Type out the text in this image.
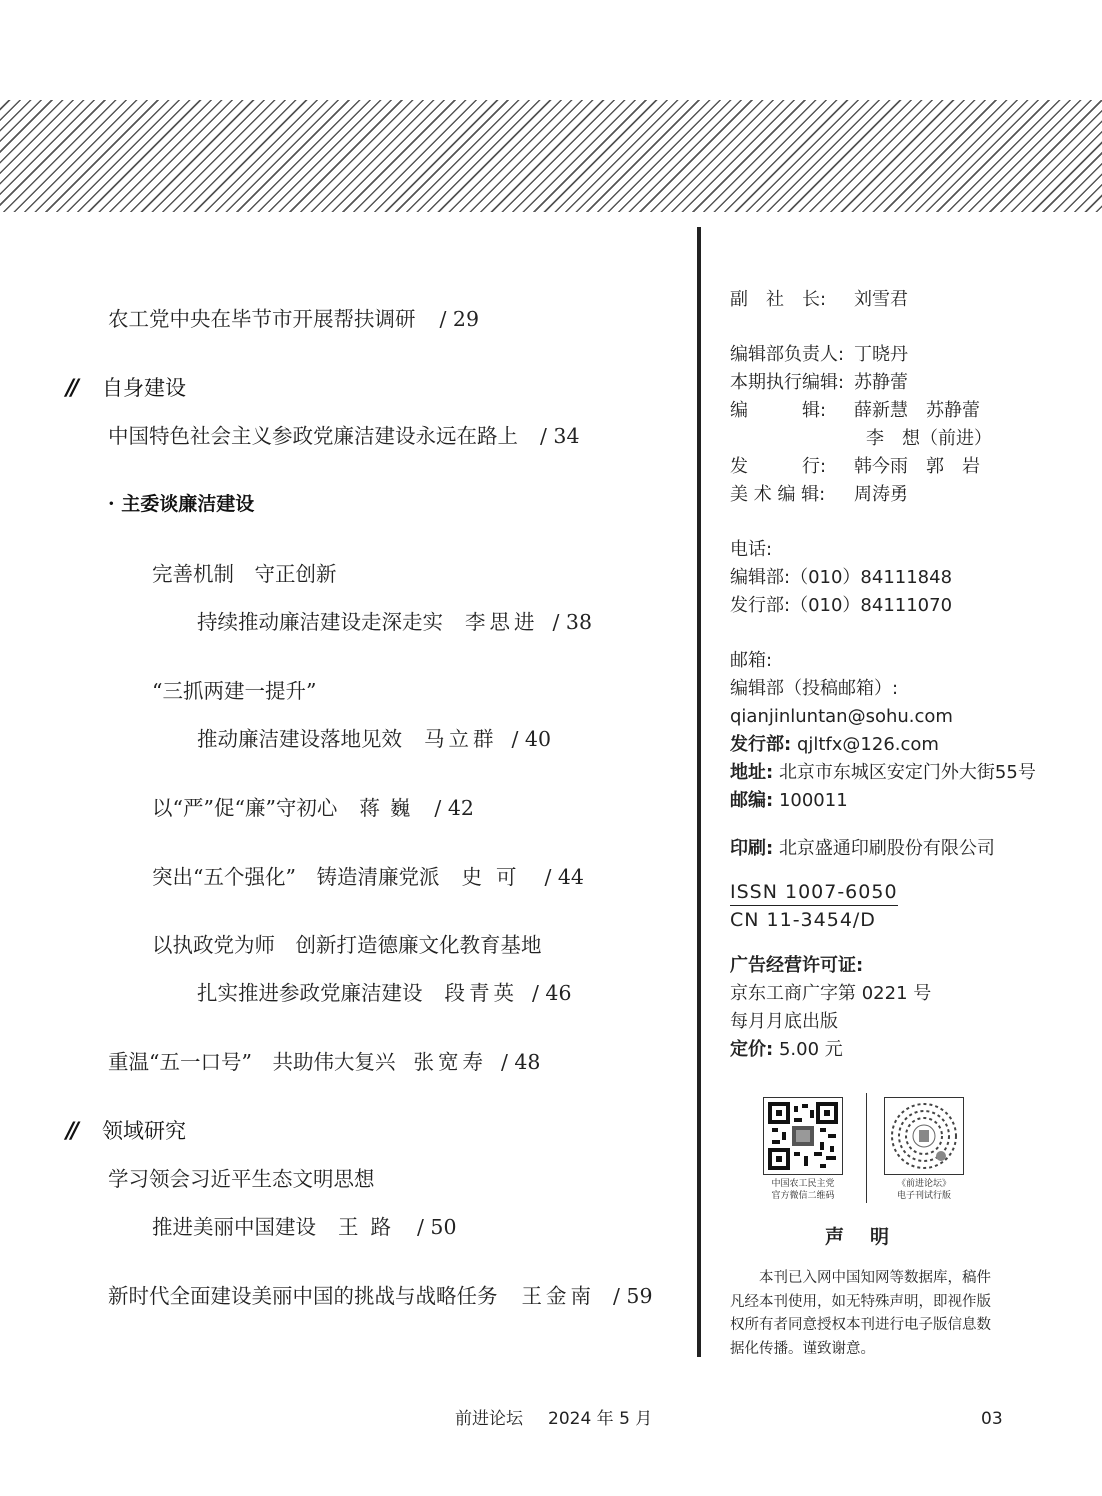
农工党中央在毕节市开展帮扶调研 / 29
// 自身建设
中国特色社会主义参政党廉洁建设永远在路上 / 34
· 主委谈廉洁建设
完善机制　守正创新
持续推动廉洁建设走深走实 李思进 / 38
“三抓两建一提升”
推动廉洁建设落地见效 马立群 / 40
以“严”促“廉”守初心 蒋巍 / 42
突出“五个强化”　铸造清廉党派 史可 / 44
以执政党为师　创新打造德廉文化教育基地
扎实推进参政党廉洁建设 段青英 / 46
重温“五一口号”　共助伟大复兴 张宽寿 / 48
// 领域研究
学习领会习近平生态文明思想
推进美丽中国建设 王路 / 50
新时代全面建设美丽中国的挑战与战略任务 王金南 / 59
副　社　长: 刘雪君
编辑部负责人: 丁晓丹
本期执行编辑: 苏静蕾
编　　　辑: 薛新慧　苏静蕾
李　想（前进）
发　　　行: 韩今雨　郭　岩
美 术 编 辑: 周涛勇
电话:
编辑部:（010）84111848
发行部:（010）84111070
邮箱:
编辑部（投稿邮箱）:
qianjinluntan@sohu.com
发行部: qjltfx@126.com
地址: 北京市东城区安定门外大街55号
邮编: 100011
印刷: 北京盛通印刷股份有限公司
ISSN 1007-6050
CN 11-3454/D
广告经营许可证:
京东工商广字第 0221 号
每月月底出版
定价: 5.00 元
中国农工民主党
官方微信二维码
《前进论坛》
电子刊试行版
声明
本刊已入网中国知网等数据库，稿件凡经本刊使用，如无特殊声明，即视作版权所有者同意授权本刊进行电子版信息数据化传播。谨致谢意。
前进论坛 2024 年 5 月	03
